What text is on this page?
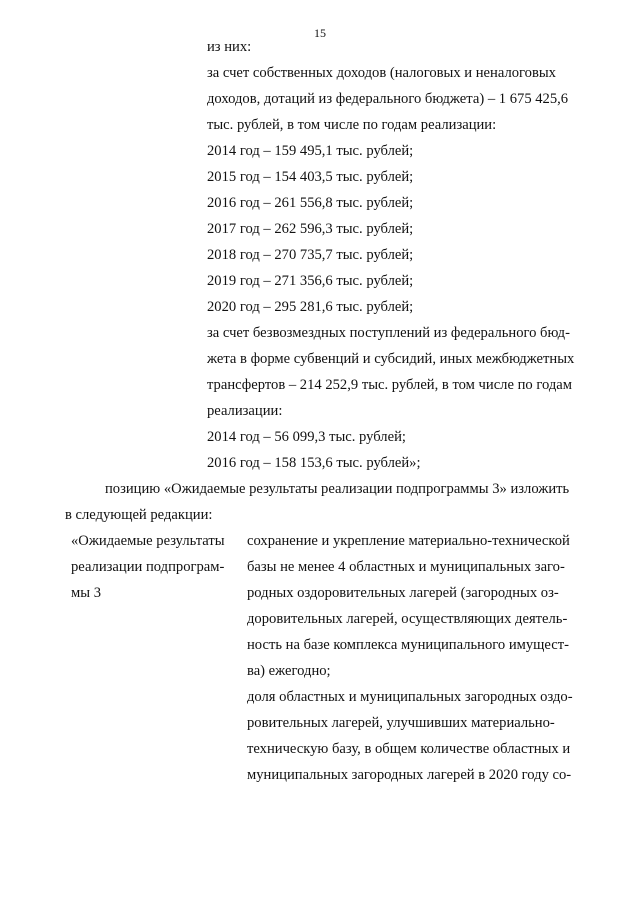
15
из них:
за счет собственных доходов (налоговых и неналоговых
доходов, дотаций из федерального бюджета) – 1 675 425,6
тыс. рублей, в том числе по годам реализации:
2014 год – 159 495,1 тыс. рублей;
2015 год – 154 403,5 тыс. рублей;
2016 год – 261 556,8 тыс. рублей;
2017 год – 262 596,3 тыс. рублей;
2018 год – 270 735,7 тыс. рублей;
2019 год – 271 356,6 тыс. рублей;
2020 год – 295 281,6 тыс. рублей;
за счет безвозмездных поступлений из федерального бюд-
жета в форме субвенций и субсидий, иных межбюджетных
трансфертов – 214 252,9 тыс. рублей, в том числе по годам
реализации:
2014 год – 56 099,3 тыс. рублей;
2016 год – 158 153,6 тыс. рублей»;
позицию «Ожидаемые результаты реализации подпрограммы 3» изложить
в следующей редакции:
«Ожидаемые результаты
реализации подпрограм-
мы 3
сохранение и укрепление материально-технической
базы не менее 4 областных и муниципальных заго-
родных оздоровительных лагерей (загородных оз-
доровительных лагерей, осуществляющих деятель-
ность на базе комплекса муниципального имущест-
ва) ежегодно;
доля областных и муниципальных загородных оздо-
ровительных лагерей, улучшивших материально-
техническую базу, в общем количестве областных и
муниципальных загородных лагерей в 2020 году со-
